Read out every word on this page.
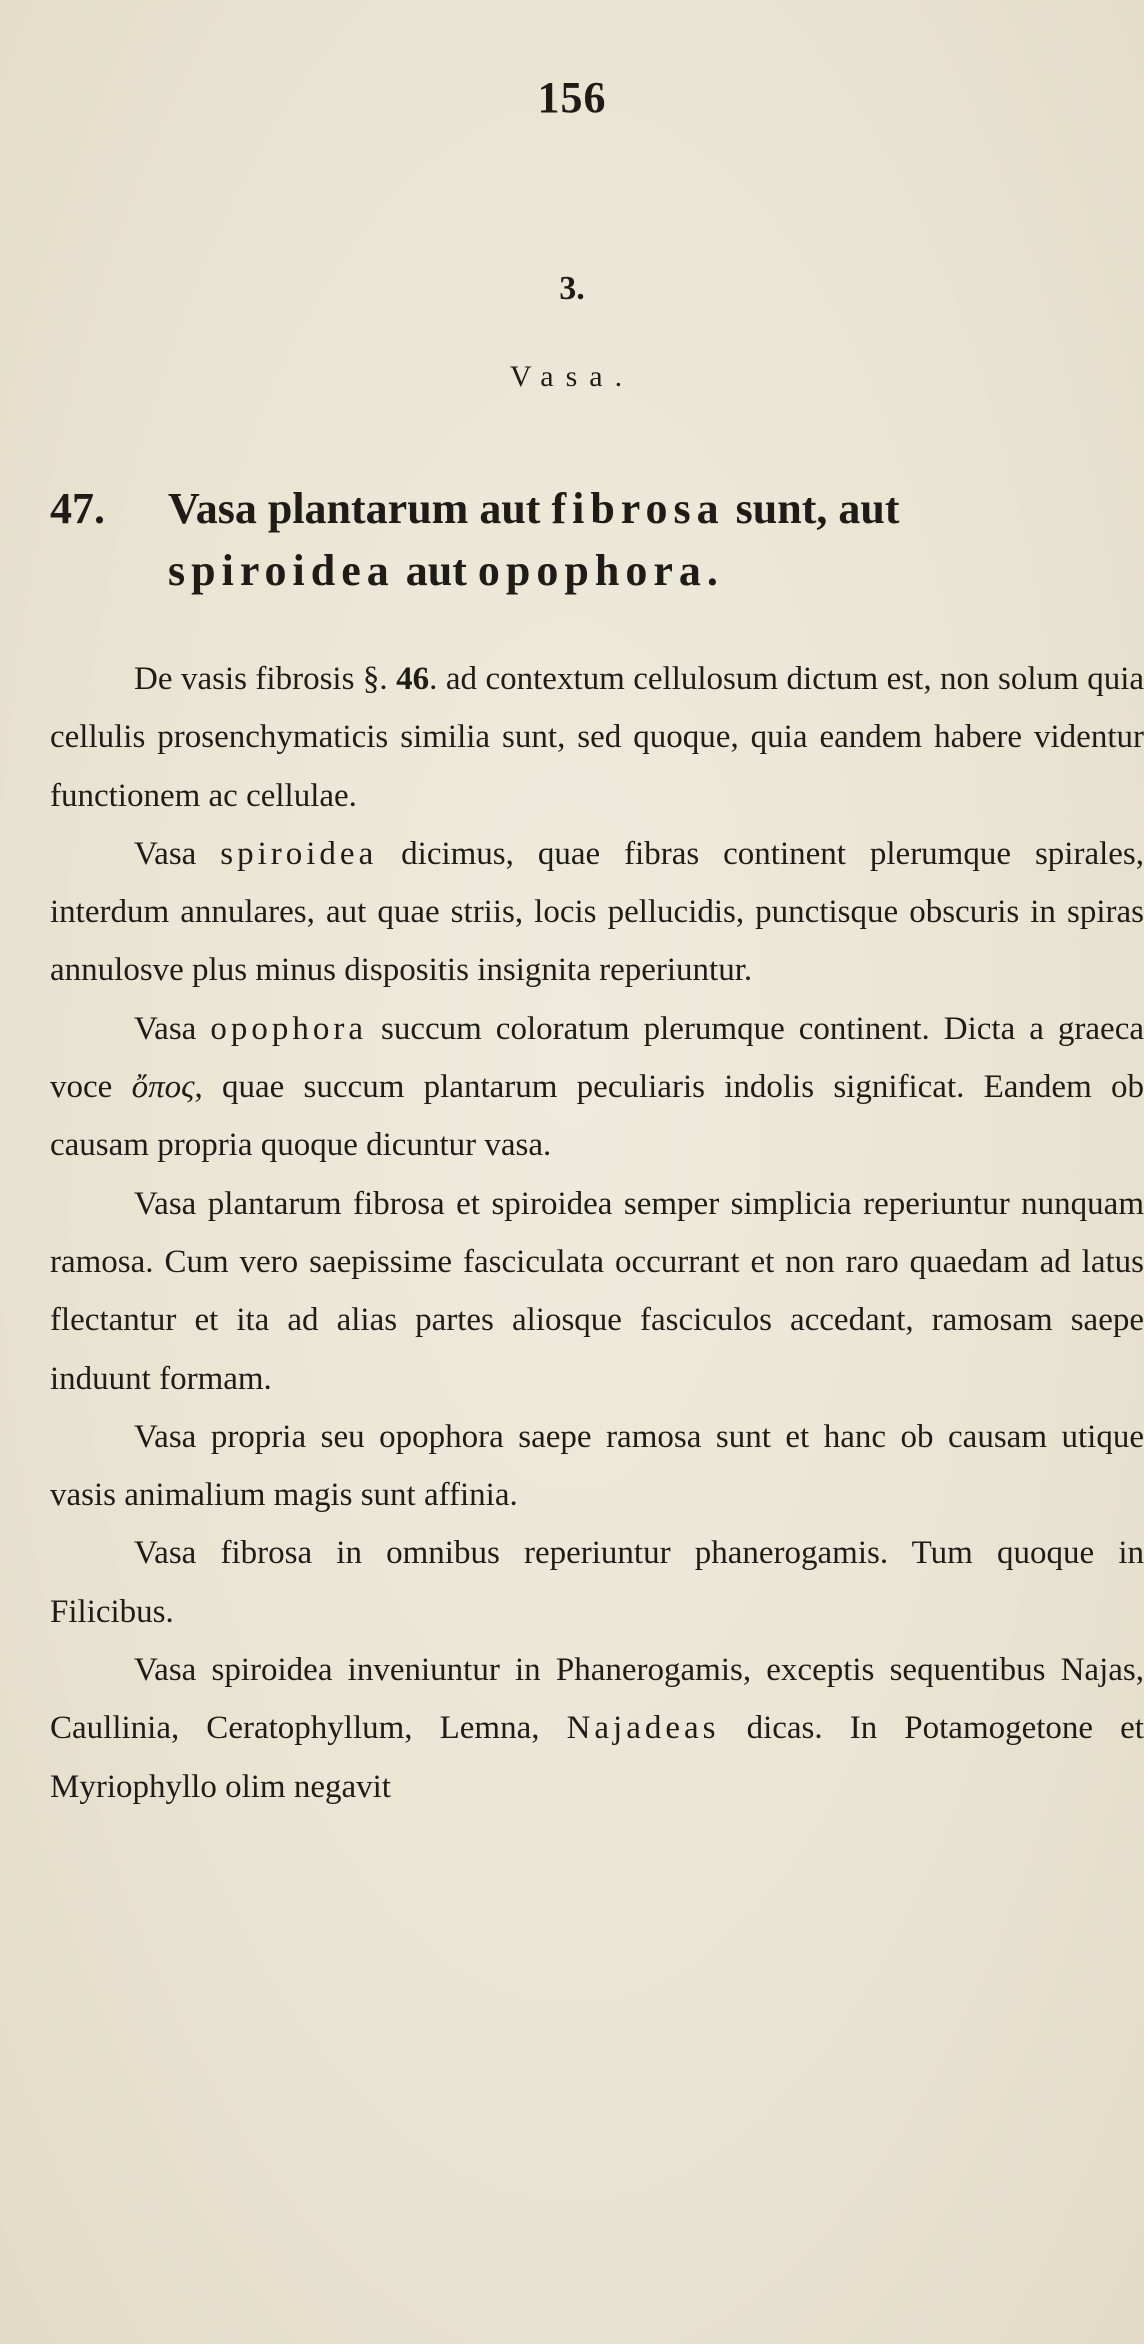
156
3.
Vasa.
47. Vasa plantarum aut fibrosa sunt, aut
spiroidea aut opophora.

De vasis fibrosis §. 46. ad contextum cellulosum dictum est, non solum quia cellulis prosenchymaticis similia sunt, sed quoque, quia eandem habere videntur functionem ac cellulae.

Vasa spiroidea dicimus, quae fibras continent plerumque spirales, interdum annulares, aut quae striis, locis pellucidis, punctisque obscuris in spiras annulosve plus minus dispositis insignita reperiuntur.

Vasa opophora succum coloratum plerumque continent. Dicta a graeca voce ὄπος, quae succum plantarum peculiaris indolis significat. Eandem ob causam propria quoque dicuntur vasa.

Vasa plantarum fibrosa et spiroidea semper simplicia reperiuntur nunquam ramosa. Cum vero saepissime fasciculata occurrant et non raro quaedam ad latus flectantur et ita ad alias partes aliosque fasciculos accedant, ramosam saepe induunt formam.

Vasa propria seu opophora saepe ramosa sunt et hanc ob causam utique vasis animalium magis sunt affinia.

Vasa fibrosa in omnibus reperiuntur phanerogamis. Tum quoque in Filicibus.

Vasa spiroidea inveniuntur in Phanerogamis, exceptis sequentibus Najas, Caullinia, Ceratophyllum, Lemna, Najadeas dicas. In Potamogetone et Myriophyllo olim negavit
